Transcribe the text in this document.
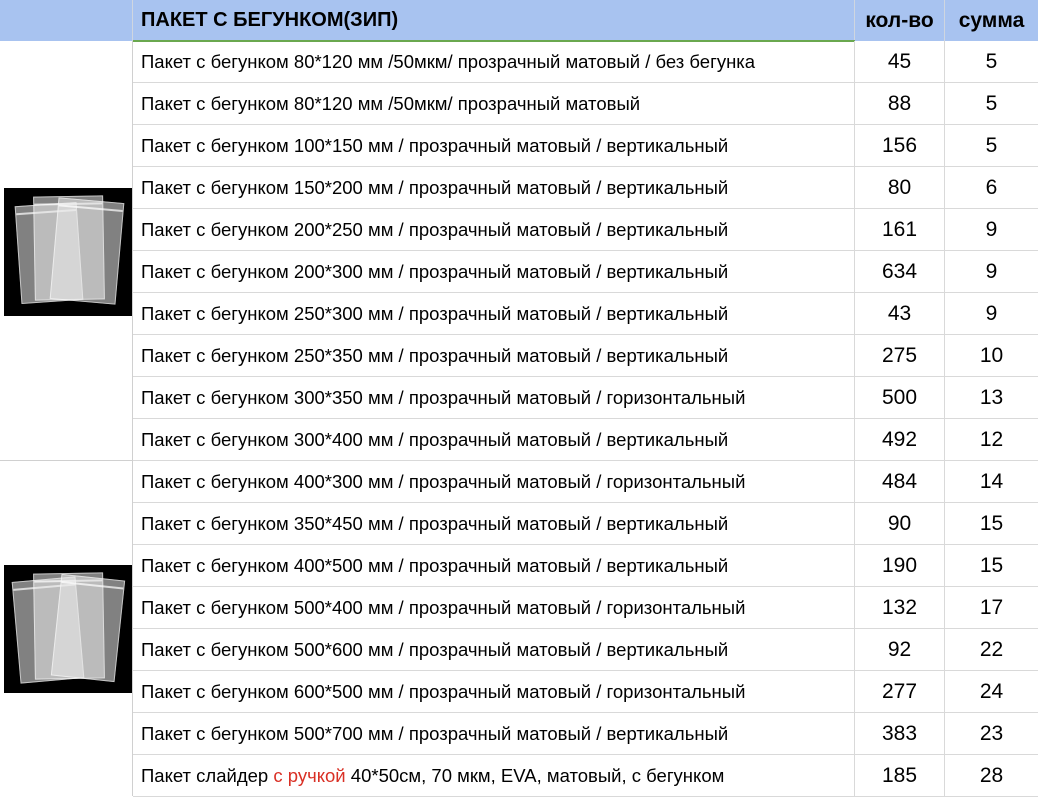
ПАКЕТ С БЕГУНКОМ(ЗИП)	кол-во	сумма
Пакет с бегунком 80*120 мм /50мкм/ прозрачный матовый / без бегунка	45	5
Пакет с бегунком 80*120 мм /50мкм/ прозрачный матовый	88	5
Пакет с бегунком 100*150 мм / прозрачный матовый / вертикальный	156	5
Пакет с бегунком 150*200 мм / прозрачный матовый / вертикальный	80	6
Пакет с бегунком 200*250 мм / прозрачный матовый / вертикальный	161	9
Пакет с бегунком 200*300 мм / прозрачный матовый / вертикальный	634	9
Пакет с бегунком 250*300 мм / прозрачный матовый / вертикальный	43	9
Пакет с бегунком 250*350 мм / прозрачный матовый / вертикальный	275	10
Пакет с бегунком 300*350 мм / прозрачный матовый / горизонтальный	500	13
Пакет с бегунком 300*400 мм / прозрачный матовый / вертикальный	492	12
Пакет с бегунком 400*300 мм / прозрачный матовый / горизонтальный	484	14
Пакет с бегунком 350*450 мм / прозрачный матовый / вертикальный	90	15
Пакет с бегунком 400*500 мм / прозрачный матовый / вертикальный	190	15
Пакет с бегунком 500*400 мм / прозрачный матовый / горизонтальный	132	17
Пакет с бегунком 500*600 мм / прозрачный матовый / вертикальный	92	22
Пакет с бегунком 600*500 мм / прозрачный матовый / горизонтальный	277	24
Пакет с бегунком 500*700 мм / прозрачный матовый / вертикальный	383	23
Пакет слайдер с ручкой 40*50см, 70 мкм, EVA, матовый, с бегунком	185	28
